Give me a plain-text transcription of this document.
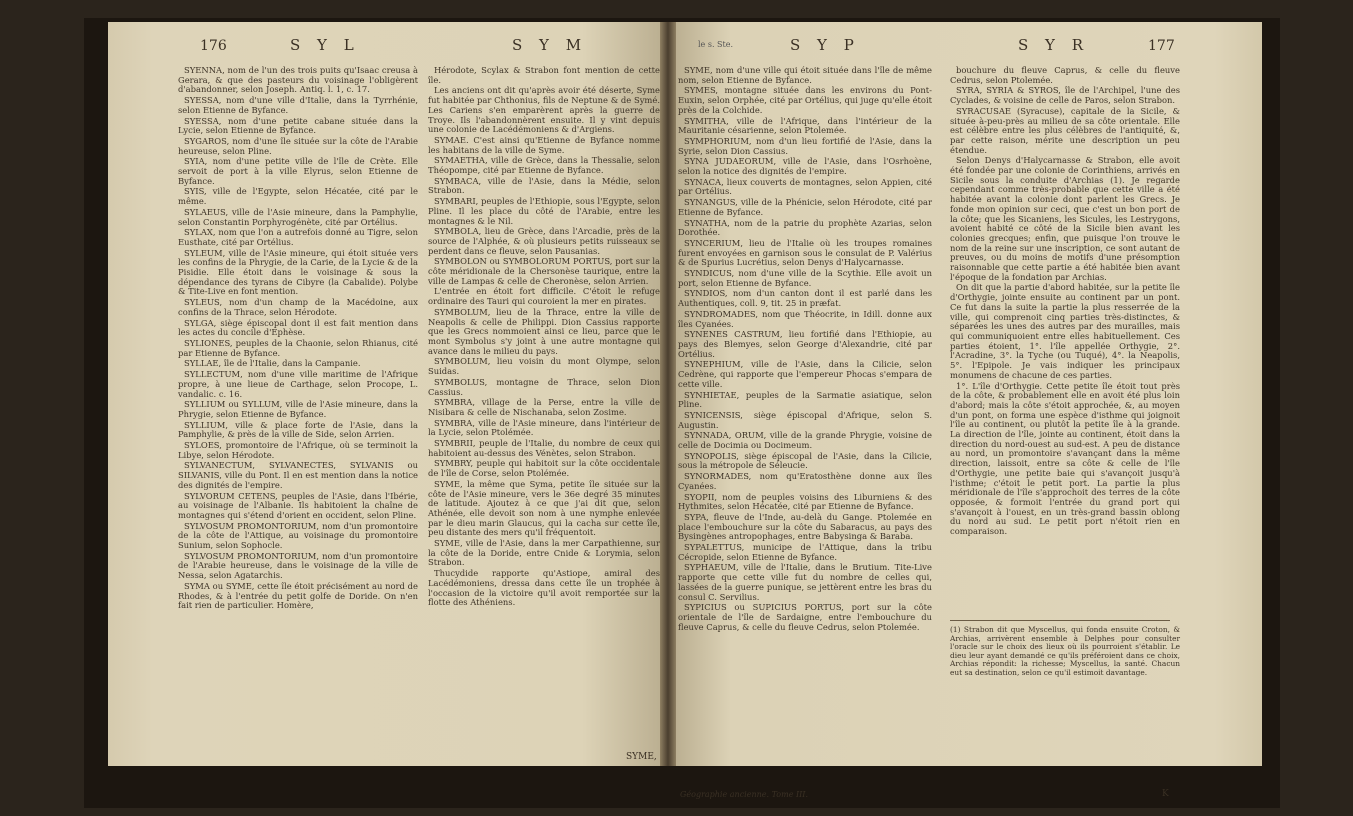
176	S Y L	S Y M	le s. Ste.	S Y P	S Y R	177

SYENNA, nom de l'un des trois puits qu'Isaac creusa à Gerara, & que des pasteurs du voisinage l'obligèrent d'abandonner, selon Joseph. Antiq. l. 1, c. 17.

SYESSA, nom d'une ville d'Italie, dans la Tyrrhénie, selon Etienne de Byfance.

SYESSA, nom d'une petite cabane située dans la Lycie, selon Etienne de Byfance.

SYGAROS, nom d'une île située sur la côte de l'Arabie heureuse, selon Pline.

SYIA, nom d'une petite ville de l'île de Crète. Elle servoit de port à la ville Elyrus, selon Etienne de Byfance.

SYIS, ville de l'Egypte, selon Hécatée, cité par le même.

SYLAEUS, ville de l'Asie mineure, dans la Pamphylie, selon Constantin Porphyrogénète, cité par Ortélius.

SYLAX, nom que l'on a autrefois donné au Tigre, selon Eusthate, cité par Ortélius.

SYLEUM, ville de l'Asie mineure, qui étoit située vers les confins de la Phrygie, de la Carie, de la Lycie & de la Pisidie. Elle étoit dans le voisinage & sous la dépendance des tyrans de Cibyre (la Cabalide). Polybe & Tite-Live en font mention.

SYLEUS, nom d'un champ de la Macédoine, aux confins de la Thrace, selon Hérodote.

SYLGA, siège épiscopal dont il est fait mention dans les actes du concile d'Ephèse.

SYLIONES, peuples de la Chaonie, selon Rhianus, cité par Etienne de Byfance.

SYLLAE, île de l'Italie, dans la Campanie.

SYLLECTUM, nom d'une ville maritime de l'Afrique propre, à une lieue de Carthage, selon Procope, L. vandalic. c. 16.

SYLLIUM ou SYLLUM, ville de l'Asie mineure, dans la Phrygie, selon Etienne de Byfance.

SYLLIUM, ville & place forte de l'Asie, dans la Pamphylie, & près de la ville de Side, selon Arrien.

SYLOES, promontoire de l'Afrique, où se terminoit la Libye, selon Hérodote.

SYLVANECTUM, SYLVANECTES, SYLVANIS ou SILVANIS, ville du Pont. Il en est mention dans la notice des dignités de l'empire.

SYLVORUM CETENS, peuples de l'Asie, dans l'Ibérie, au voisinage de l'Albanie. Ils habitoient la chaîne de montagnes qui s'étend d'orient en occident, selon Pline.

SYLVOSUM PROMONTORIUM, nom d'un promontoire de la côte de l'Attique, au voisinage du promontoire Sunium, selon Sophocle.

SYLVOSUM PROMONTORIUM, nom d'un promontoire de l'Arabie heureuse, dans le voisinage de la ville de Nessa, selon Agatarchis.

SYMA ou SYME, cette île étoit précisément au nord de Rhodes, & à l'entrée du petit golfe de Doride. On n'en fait rien de particulier. Homère,

Hérodote, Scylax & Strabon font mention de cette île.

Les anciens ont dit qu'après avoir été déserte, Syme fut habitée par Chthonius, fils de Neptune & de Symé. Les Cariens s'en emparèrent après la guerre de Troye. Ils l'abandonnèrent ensuite. Il y vint depuis une colonie de Lacédémoniens & d'Argiens.

SYMAE. C'est ainsi qu'Etienne de Byfance nomme les habitans de la ville de Syme.

SYMAETHA, ville de Grèce, dans la Thessalie, selon Théopompe, cité par Etienne de Byfance.

SYMBACA, ville de l'Asie, dans la Médie, selon Strabon.

SYMBARI, peuples de l'Ethiopie, sous l'Egypte, selon Pline. Il les place du côté de l'Arabie, entre les montagnes & le Nil.

SYMBOLA, lieu de Grèce, dans l'Arcadie, près de la source de l'Alphée, & où plusieurs petits ruisseaux se perdent dans ce fleuve, selon Pausanias.

SYMBOLON ou SYMBOLORUM PORTUS, port sur la côte méridionale de la Chersonèse taurique, entre la ville de Lampas & celle de Cheronèse, selon Arrien.

L'entrée en étoit fort difficile. C'étoit le refuge ordinaire des Tauri qui couroient la mer en pirates.

SYMBOLUM, lieu de la Thrace, entre la ville de Neapolis & celle de Philippi. Dion Cassius rapporte que les Grecs nommoient ainsi ce lieu, parce que le mont Symbolus s'y joint à une autre montagne qui avance dans le milieu du pays.

SYMBOLUM, lieu voisin du mont Olympe, selon Suidas.

SYMBOLUS, montagne de Thrace, selon Dion Cassius.

SYMBRA, village de la Perse, entre la ville de Nisibara & celle de Nischanaba, selon Zosime.

SYMBRA, ville de l'Asie mineure, dans l'intérieur de la Lycie, selon Ptolémée.

SYMBRII, peuple de l'Italie, du nombre de ceux qui habitoient au-dessus des Vénètes, selon Strabon.

SYMBRY, peuple qui habitoit sur la côte occidentale de l'île de Corse, selon Ptolémée.

SYME, la même que Syma, petite île située sur la côte de l'Asie mineure, vers le 36e degré 35 minutes de latitude. Ajoutez à ce que j'ai dit que, selon Athénée, elle devoit son nom à une nymphe enlevée par le dieu marin Glaucus, qui la cacha sur cette île, peu distante des mers qu'il fréquentoit.

SYME, ville de l'Asie, dans la mer Carpathienne, sur la côte de la Doride, entre Cnide & Lorymia, selon Strabon.

Thucydide rapporte qu'Astiope, amiral des Lacédémoniens, dressa dans cette île un trophée à l'occasion de la victoire qu'il avoit remportée sur la flotte des Athéniens.

SYME, nom d'une ville qui étoit située dans l'île de même nom, selon Etienne de Byfance.

SYMES, montagne située dans les environs du Pont-Euxin, selon Orphée, cité par Ortélius, qui juge qu'elle étoit près de la Colchide.

SYMITHA, ville de l'Afrique, dans l'intérieur de la Mauritanie césarienne, selon Ptolemée.

SYMPHORIUM, nom d'un lieu fortifié de l'Asie, dans la Syrie, selon Dion Cassius.

SYNA JUDAEORUM, ville de l'Asie, dans l'Osrhoène, selon la notice des dignités de l'empire.

SYNACA, lieux couverts de montagnes, selon Appien, cité par Ortélius.

SYNANGUS, ville de la Phénicie, selon Hérodote, cité par Etienne de Byfance.

SYNATHA, nom de la patrie du prophète Azarias, selon Dorothée.

SYNCERIUM, lieu de l'Italie où les troupes romaines furent envoyées en garnison sous le consulat de P. Valérius & de Spurius Lucrétius, selon Denys d'Halycarnasse.

SYNDICUS, nom d'une ville de la Scythie. Elle avoit un port, selon Etienne de Byfance.

SYNDIOS, nom d'un canton dont il est parlé dans les Authentiques, coll. 9, tit. 25 in præfat.

SYNDROMADES, nom que Théocrite, in Idill. donne aux îles Cyanées.

SYNENES CASTRUM, lieu fortifié dans l'Ethiopie, au pays des Blemyes, selon George d'Alexandrie, cité par Ortélius.

SYNEPHIUM, ville de l'Asie, dans la Cilicie, selon Cedrène, qui rapporte que l'empereur Phocas s'empara de cette ville.

SYNHIETAE, peuples de la Sarmatie asiatique, selon Pline.

SYNICENSIS, siège épiscopal d'Afrique, selon S. Augustin.

SYNNADA, ORUM, ville de la grande Phrygie, voisine de celle de Docimia ou Docimeum.

SYNOPOLIS, siège épiscopal de l'Asie, dans la Cilicie, sous la métropole de Séleucie.

SYNORMADES, nom qu'Eratosthène donne aux îles Cyanées.

SYOPII, nom de peuples voisins des Liburniens & des Hythmites, selon Hécatée, cité par Etienne de Byfance.

SYPA, fleuve de l'Inde, au-delà du Gange. Ptolemée en place l'embouchure sur la côte du Sabaracus, au pays des Bysingènes antropophages, entre Babysinga & Baraba.

SYPALETTUS, municipe de l'Attique, dans la tribu Cécropide, selon Etienne de Byfance.

SYPHAEUM, ville de l'Italie, dans le Brutium. Tite-Live rapporte que cette ville fut du nombre de celles qui, lassées de la guerre punique, se jettèrent entre les bras du consul C. Servilius.

SYPICIUS ou SUPICIUS PORTUS, port sur la côte orientale de l'île de Sardaigne, entre l'embouchure du fleuve Caprus, & celle du fleuve Cedrus, selon Ptolemée.

bouchure du fleuve Caprus, & celle du fleuve Cedrus, selon Ptolemée.

SYRA, SYRIA & SYROS, île de l'Archipel, l'une des Cyclades, & voisine de celle de Paros, selon Strabon.

SYRACUSAE (Syracuse), capitale de la Sicile, & située à-peu-près au milieu de sa côte orientale. Elle est célèbre entre les plus célèbres de l'antiquité, &, par cette raison, mérite une description un peu étendue.

Selon Denys d'Halycarnasse & Strabon, elle avoit été fondée par une colonie de Corinthiens, arrivés en Sicile sous la conduite d'Archias (1). Je regarde cependant comme très-probable que cette ville a été habitée avant la colonie dont parlent les Grecs. Je fonde mon opinion sur ceci, que c'est un bon port de la côte; que les Sicaniens, les Sicules, les Lestrygons, avoient habité ce côté de la Sicile bien avant les colonies grecques; enfin, que puisque l'on trouve le nom de la reine sur une inscription, ce sont autant de preuves, ou du moins de motifs d'une présomption raisonnable que cette partie a été habitée bien avant l'époque de la fondation par Archias.

On dit que la partie d'abord habitée, sur la petite île d'Orthygie, jointe ensuite au continent par un pont. Ce fut dans la suite la partie la plus resserrée de la ville, qui comprenoit cinq parties très-distinctes, & séparées les unes des autres par des murailles, mais qui communiquoient entre elles habituellement. Ces parties étoient, 1°. l'île appellée Orthygie, 2°. l'Acradine, 3°. la Tyche (ou Tuqué), 4°. la Neapolis, 5°. l'Epipole. Je vais indiquer les principaux monumens de chacune de ces parties.

1°. L'île d'Orthygie. Cette petite île étoit tout près de la côte, & probablement elle en avoit été plus loin d'abord; mais la côte s'étoit approchée, &, au moyen d'un pont, on forma une espèce d'isthme qui joignoit l'île au continent, ou plutôt la petite île à la grande. La direction de l'île, jointe au continent, étoit dans la direction du nord-ouest au sud-est. A peu de distance au nord, un promontoire s'avançant dans la même direction, laissoit, entre sa côte & celle de l'île d'Orthygie, une petite baie qui s'avançoit jusqu'à l'isthme; c'étoit le petit port. La partie la plus méridionale de l'île s'approchoit des terres de la côte opposée, & formoit l'entrée du grand port qui s'avançoit à l'ouest, en un très-grand bassin oblong du nord au sud. Le petit port n'étoit rien en comparaison.

SYME,
(1) Strabon dit que Myscellus, qui fonda ensuite Croton, & Archias, arrivèrent ensemble à Delphes pour consulter l'oracle sur le choix des lieux où ils pourroient s'établir. Le dieu leur ayant demandé ce qu'ils préféroient dans ce choix, Archias répondit: la richesse; Myscellus, la santé. Chacun eut sa destination, selon ce qu'il estimoit davantage.
Géographie ancienne. Tome III.	K
